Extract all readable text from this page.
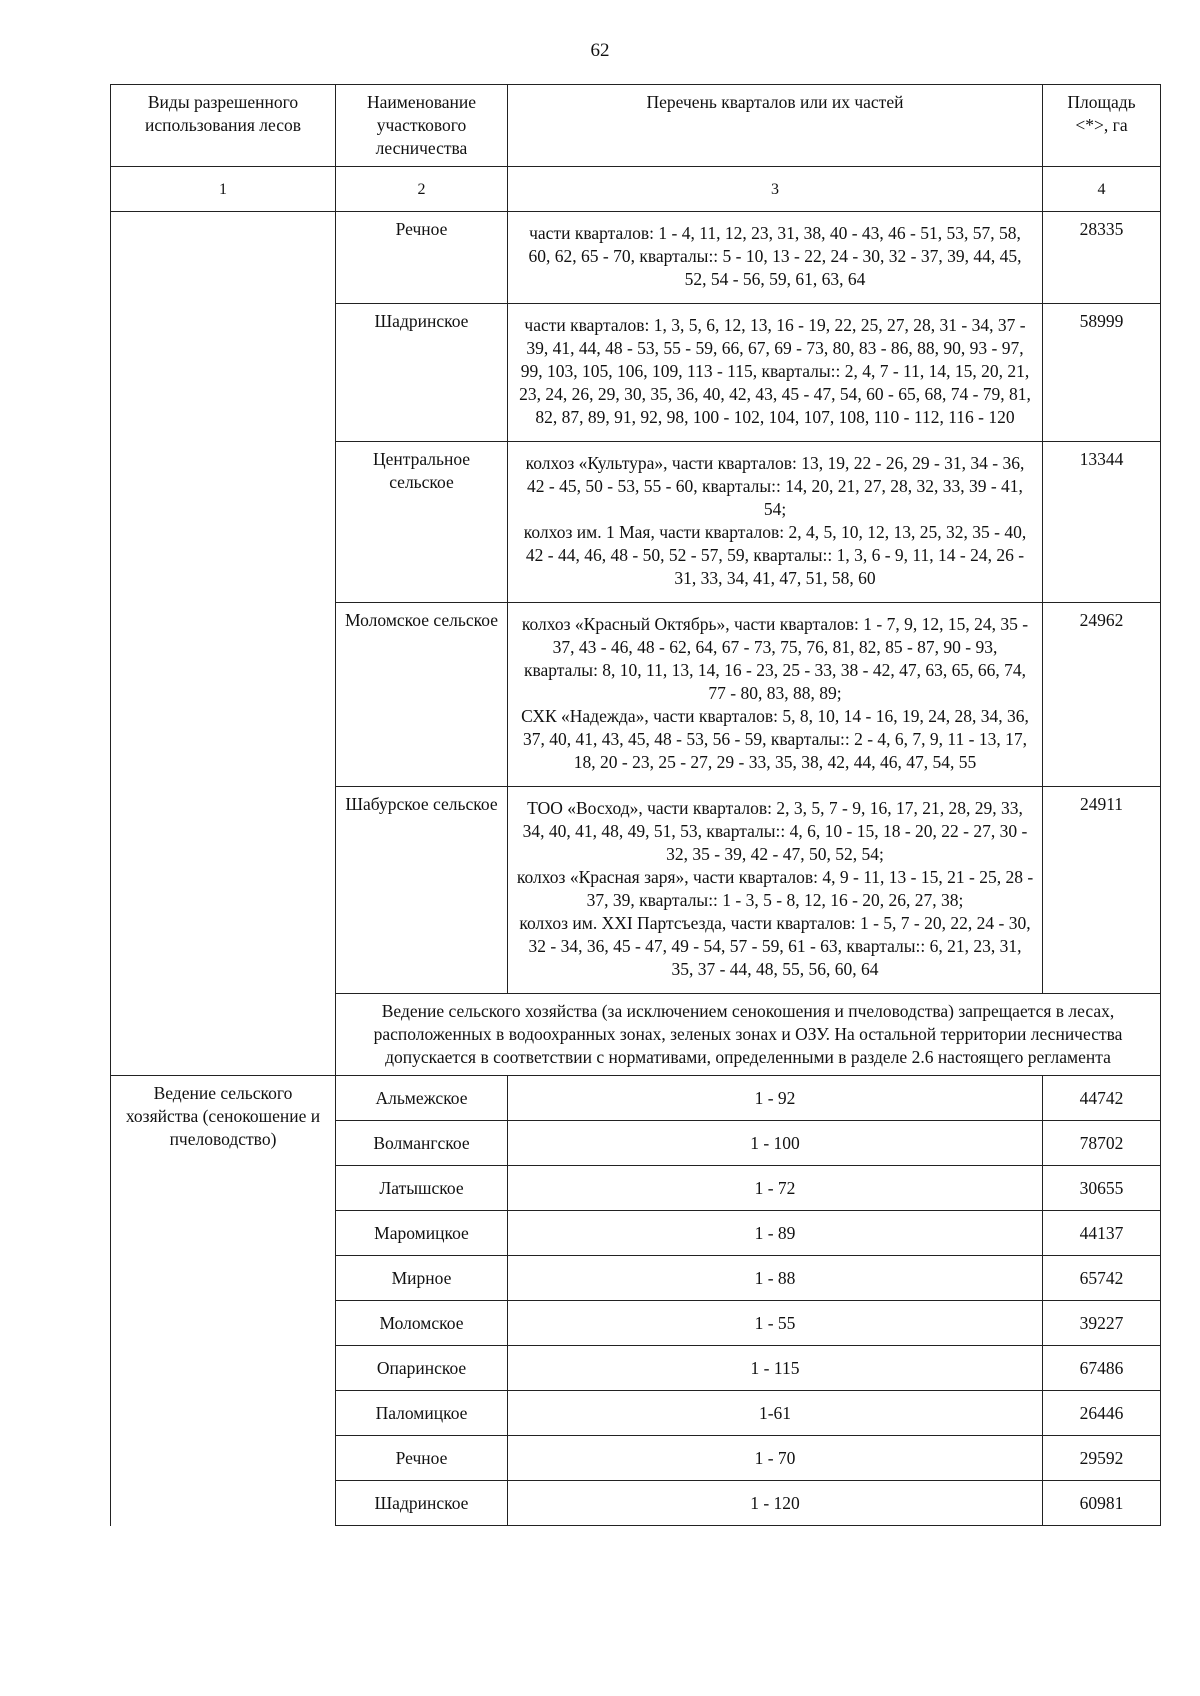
62
Виды разрешенного использования лесов	Наименование участкового лесничества	Перечень кварталов или их частей	Площадь <*>, га
1	2	3	4
	Речное	части кварталов: 1 - 4, 11, 12, 23, 31, 38, 40 - 43, 46 - 51, 53, 57, 58, 60, 62, 65 - 70, кварталы:: 5 - 10, 13 - 22, 24 - 30, 32 - 37, 39, 44, 45, 52, 54 - 56, 59, 61, 63, 64	28335
	Шадринское	части кварталов: 1, 3, 5, 6, 12, 13, 16 - 19, 22, 25, 27, 28, 31 - 34, 37 - 39, 41, 44, 48 - 53, 55 - 59, 66, 67, 69 - 73, 80, 83 - 86, 88, 90, 93 - 97, 99, 103, 105, 106, 109, 113 - 115, кварталы:: 2, 4, 7 - 11, 14, 15, 20, 21, 23, 24, 26, 29, 30, 35, 36, 40, 42, 43, 45 - 47, 54, 60 - 65, 68, 74 - 79, 81, 82, 87, 89, 91, 92, 98, 100 - 102, 104, 107, 108, 110 - 112, 116 - 120	58999
	Центральное сельское	колхоз «Культура», части кварталов: 13, 19, 22 - 26, 29 - 31, 34 - 36, 42 - 45, 50 - 53, 55 - 60, кварталы:: 14, 20, 21, 27, 28, 32, 33, 39 - 41, 54;
колхоз им. 1 Мая, части кварталов: 2, 4, 5, 10, 12, 13, 25, 32, 35 - 40, 42 - 44, 46, 48 - 50, 52 - 57, 59, кварталы:: 1, 3, 6 - 9, 11, 14 - 24, 26 - 31, 33, 34, 41, 47, 51, 58, 60	13344
	Моломское сельское	колхоз «Красный Октябрь», части кварталов: 1 - 7, 9, 12, 15, 24, 35 - 37, 43 - 46, 48 - 62, 64, 67 - 73, 75, 76, 81, 82, 85 - 87, 90 - 93, кварталы: 8, 10, 11, 13, 14, 16 - 23, 25 - 33, 38 - 42, 47, 63, 65, 66, 74, 77 - 80, 83, 88, 89;
СХК «Надежда», части кварталов: 5, 8, 10, 14 - 16, 19, 24, 28, 34, 36, 37, 40, 41, 43, 45, 48 - 53, 56 - 59, кварталы:: 2 - 4, 6, 7, 9, 11 - 13, 17, 18, 20 - 23, 25 - 27, 29 - 33, 35, 38, 42, 44, 46, 47, 54, 55	24962
	Шабурское сельское	ТОО «Восход», части кварталов: 2, 3, 5, 7 - 9, 16, 17, 21, 28, 29, 33, 34, 40, 41, 48, 49, 51, 53, кварталы:: 4, 6, 10 - 15, 18 - 20, 22 - 27, 30 - 32, 35 - 39, 42 - 47, 50, 52, 54;
колхоз «Красная заря», части кварталов: 4, 9 - 11, 13 - 15, 21 - 25, 28 - 37, 39, кварталы:: 1 - 3, 5 - 8, 12, 16 - 20, 26, 27, 38;
колхоз им. XXI Партсъезда, части кварталов: 1 - 5, 7 - 20, 22, 24 - 30, 32 - 34, 36, 45 - 47, 49 - 54, 57 - 59, 61 - 63, кварталы:: 6, 21, 23, 31, 35, 37 - 44, 48, 55, 56, 60, 64	24911
	Ведение сельского хозяйства (за исключением сенокошения и пчеловодства) запрещается в лесах, расположенных в водоохранных зонах, зеленых зонах и ОЗУ. На остальной территории лесничества допускается в соответствии с нормативами, определенными в разделе 2.6 настоящего регламента		
Ведение сельского хозяйства (сенокошение и пчеловодство)	Альмежское	1 - 92	44742
	Волмангское	1 - 100	78702
	Латышское	1 - 72	30655
	Маромицкое	1 - 89	44137
	Мирное	1 - 88	65742
	Моломское	1 - 55	39227
	Опаринское	1 - 115	67486
	Паломицкое	1-61	26446
	Речное	1 - 70	29592
	Шадринское	1 - 120	60981
